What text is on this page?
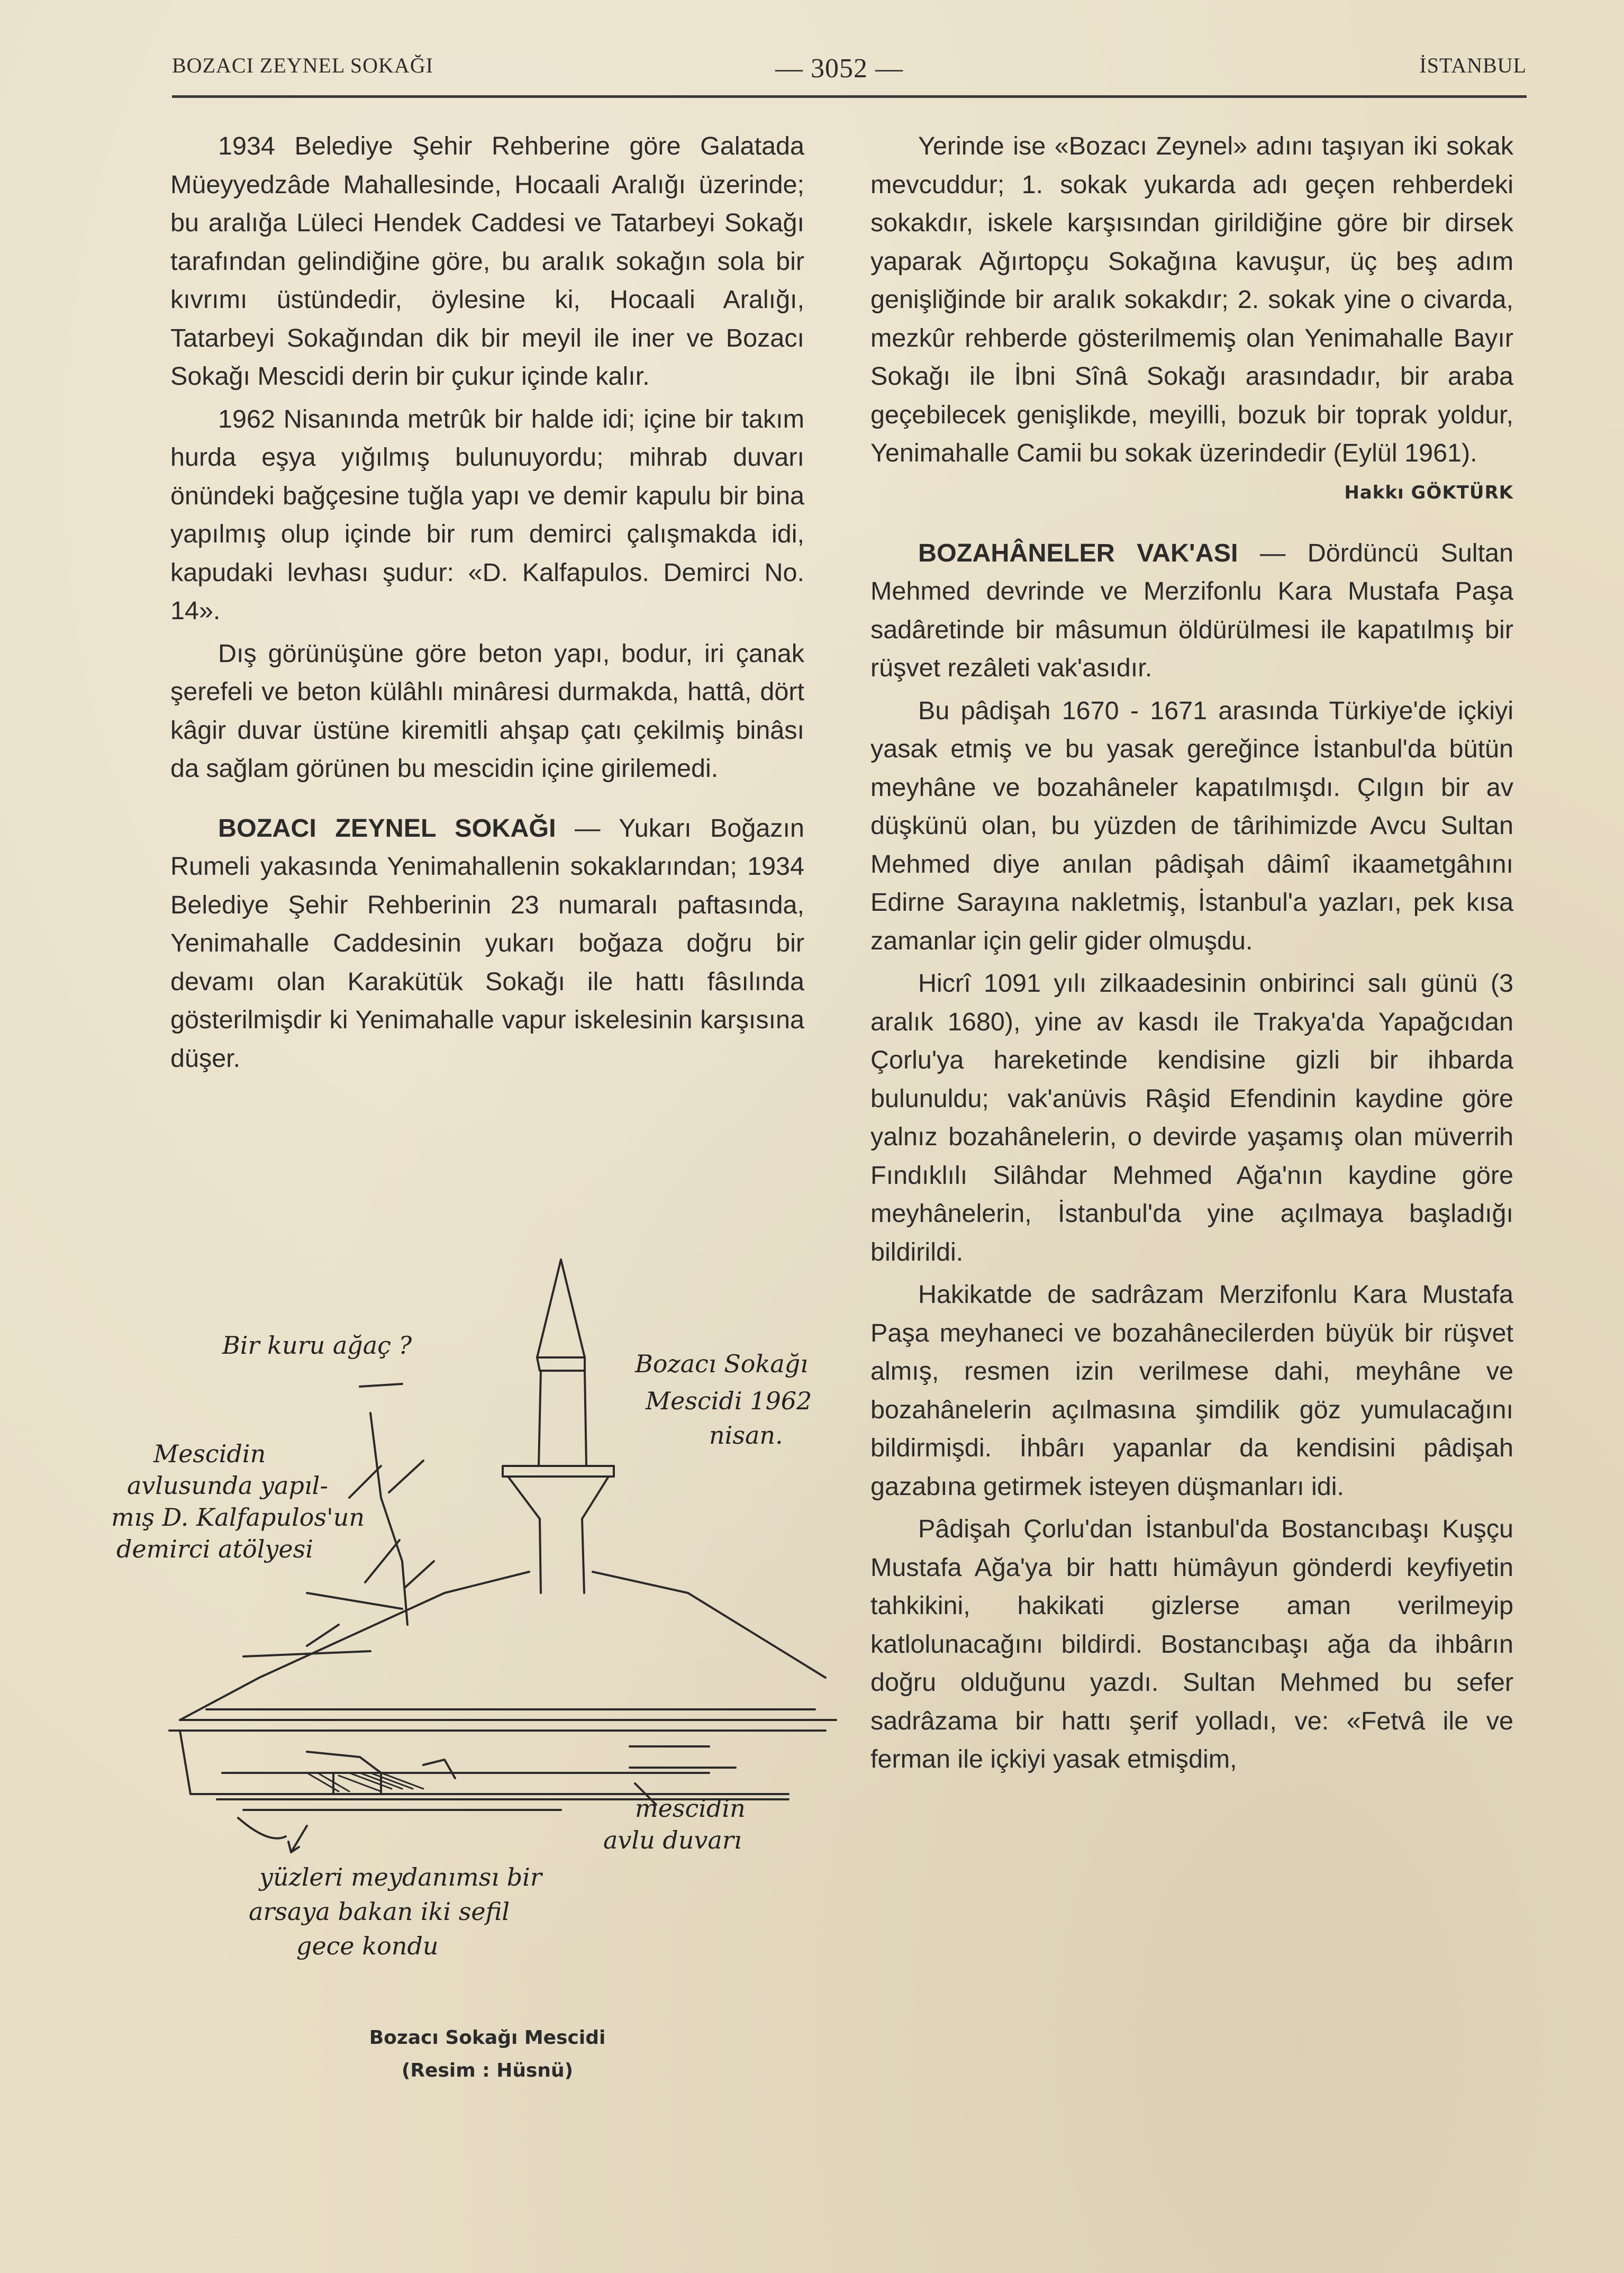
BOZACI ZEYNEL SOKAĞI	— 3052 —	İSTANBUL

1934 Belediye Şehir Rehberine göre Galatada Müeyyedzâde Mahallesinde, Hocaali Aralığı üzerinde; bu aralığa Lüleci Hendek Caddesi ve Tatarbeyi Sokağı tarafından gelindiğine göre, bu aralık sokağın sola bir kıvrımı üstündedir, öylesine ki, Hocaali Aralığı, Tatarbeyi Sokağından dik bir meyil ile iner ve Bozacı Sokağı Mescidi derin bir çukur içinde kalır.

1962 Nisanında metrûk bir halde idi; içine bir takım hurda eşya yığılmış bulunuyordu; mihrab duvarı önündeki bağçesine tuğla yapı ve demir kapulu bir bina yapılmış olup içinde bir rum demirci çalışmakda idi, kapudaki levhası şudur: «D. Kalfapulos. Demirci No. 14».

Dış görünüşüne göre beton yapı, bodur, iri çanak şerefeli ve beton külâhlı minâresi durmakda, hattâ, dört kâgir duvar üstüne kiremitli ahşap çatı çekilmiş binâsı da sağlam görünen bu mescidin içine girilemedi.

BOZACI ZEYNEL SOKAĞI — Yukarı Boğazın Rumeli yakasında Yenimahallenin sokaklarından; 1934 Belediye Şehir Rehberinin 23 numaralı paftasında, Yenimahalle Caddesinin yukarı boğaza doğru bir devamı olan Karakütük Sokağı ile hattı fâsılında gösterilmişdir ki Yenimahalle vapur iskelesinin karşısına düşer.

Bir kuru ağaç ?
Bozacı Sokağı
Mescidi 1962
nisan.
Mescidin
avlusunda yapıl-
mış D. Kalfapulos'un
demirci atölyesi
mescidin
avlu duvarı
yüzleri meydanımsı bir
arsaya bakan iki sefil
gece kondu
Bozacı Sokağı Mescidi
(Resim : Hüsnü)

Yerinde ise «Bozacı Zeynel» adını taşıyan iki sokak mevcuddur; 1. sokak yukarda adı geçen rehberdeki sokakdır, iskele karşısından girildiğine göre bir dirsek yaparak Ağırtopçu Sokağına kavuşur, üç beş adım genişliğinde bir aralık sokakdır; 2. sokak yine o civarda, mezkûr rehberde gösterilmemiş olan Yenimahalle Bayır Sokağı ile İbni Sînâ Sokağı arasındadır, bir araba geçebilecek genişlikde, meyilli, bozuk bir toprak yoldur, Yenimahalle Camii bu sokak üzerindedir (Eylül 1961).

Hakkı GÖKTÜRK

BOZAHÂNELER VAK'ASI — Dördüncü Sultan Mehmed devrinde ve Merzifonlu Kara Mustafa Paşa sadâretinde bir mâsumun öldürülmesi ile kapatılmış bir rüşvet rezâleti vak'asıdır.

Bu pâdişah 1670 - 1671 arasında Türkiye'de içkiyi yasak etmiş ve bu yasak gereğince İstanbul'da bütün meyhâne ve bozahâneler kapatılmışdı. Çılgın bir av düşkünü olan, bu yüzden de târihimizde Avcu Sultan Mehmed diye anılan pâdişah dâimî ikaametgâhını Edirne Sarayına nakletmiş, İstanbul'a yazları, pek kısa zamanlar için gelir gider olmuşdu.

Hicrî 1091 yılı zilkaadesinin onbirinci salı günü (3 aralık 1680), yine av kasdı ile Trakya'da Yapağcıdan Çorlu'ya hareketinde kendisine gizli bir ihbarda bulunuldu; vak'anüvis Râşid Efendinin kaydine göre yalnız bozahânelerin, o devirde yaşamış olan müverrih Fındıklılı Silâhdar Mehmed Ağa'nın kaydine göre meyhânelerin, İstanbul'da yine açılmaya başladığı bildirildi.

Hakikatde de sadrâzam Merzifonlu Kara Mustafa Paşa meyhaneci ve bozahânecilerden büyük bir rüşvet almış, resmen izin verilmese dahi, meyhâne ve bozahânelerin açılmasına şimdilik göz yumulacağını bildirmişdi. İhbârı yapanlar da kendisini pâdişah gazabına getirmek isteyen düşmanları idi.

Pâdişah Çorlu'dan İstanbul'da Bostancıbaşı Kuşçu Mustafa Ağa'ya bir hattı hümâyun gönderdi keyfiyetin tahkikini, hakikati gizlerse aman verilmeyip katlolunacağını bildirdi. Bostancıbaşı ağa da ihbârın doğru olduğunu yazdı. Sultan Mehmed bu sefer sadrâzama bir hattı şerif yolladı, ve: «Fetvâ ile ve ferman ile içkiyi yasak etmişdim,
